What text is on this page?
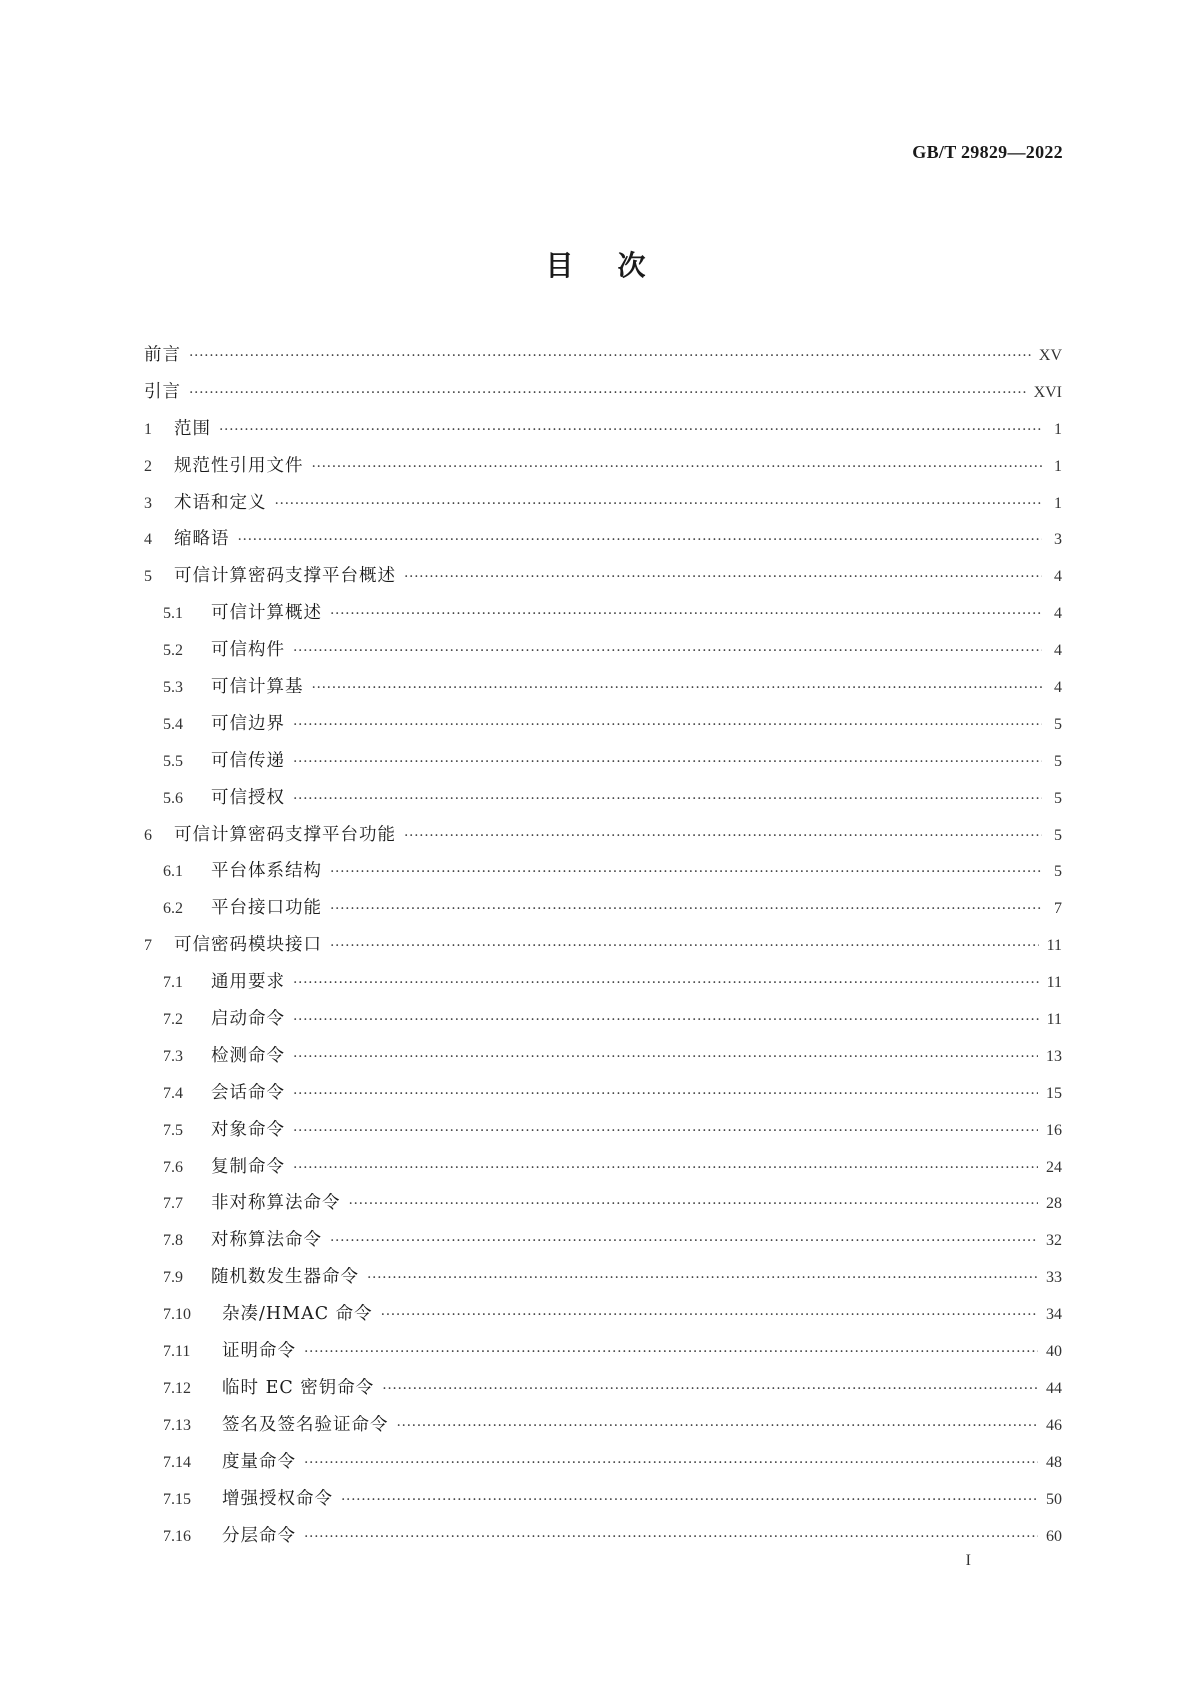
GB/T 29829—2022
目次
前言 ·····	XV
引言 ·····	XVI
1	范围 ·····	1
2	规范性引用文件 ·····	1
3	术语和定义 ·····	1
4	缩略语 ·····	3
5	可信计算密码支撑平台概述 ·····	4
5.1	可信计算概述 ·····	4
5.2	可信构件 ·····	4
5.3	可信计算基 ·····	4
5.4	可信边界 ·····	5
5.5	可信传递 ·····	5
5.6	可信授权 ·····	5
6	可信计算密码支撑平台功能 ·····	5
6.1	平台体系结构 ·····	5
6.2	平台接口功能 ·····	7
7	可信密码模块接口 ·····	11
7.1	通用要求 ·····	11
7.2	启动命令 ·····	11
7.3	检测命令 ·····	13
7.4	会话命令 ·····	15
7.5	对象命令 ·····	16
7.6	复制命令 ·····	24
7.7	非对称算法命令 ·····	28
7.8	对称算法命令 ·····	32
7.9	随机数发生器命令 ·····	33
7.10	杂凑/HMAC 命令 ·····	34
7.11	证明命令 ·····	40
7.12	临时 EC 密钥命令 ·····	44
7.13	签名及签名验证命令 ·····	46
7.14	度量命令 ·····	48
7.15	增强授权命令 ·····	50
7.16	分层命令 ·····	60
I
